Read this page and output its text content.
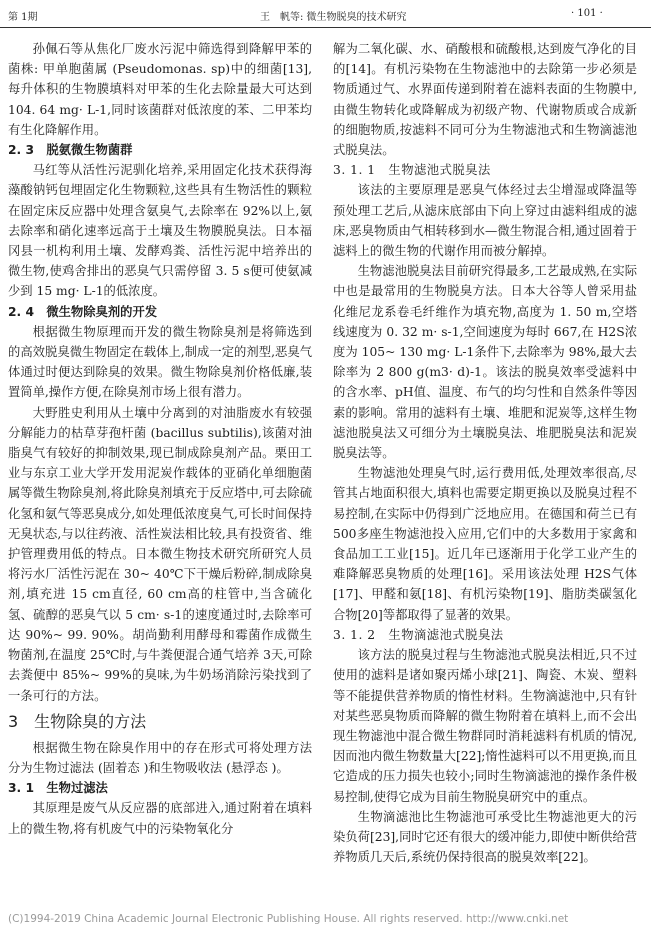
第 1期	王　帆等: 微生物脱臭的技术研究	· 101 ·

孙佩石等从焦化厂废水污泥中筛选得到降解甲苯的菌株: 甲单胞菌属 (Pseudomonas. sp)中的细菌[13],每升体积的生物膜填料对甲苯的生化去除量最大可达到 104. 64 mg· L-1,同时该菌群对低浓度的苯、二甲苯均有生化降解作用。

2. 3　脱氨微生物菌群

马红等从活性污泥驯化培养,采用固定化技术获得海藻酸钠钙包埋固定化生物颗粒,这些具有生物活性的颗粒在固定床反应器中处理含氨臭气,去除率在 92%以上,氨去除率和硝化速率远高于土壤及生物膜脱臭法。日本福冈县一机构利用土壤、发酵鸡粪、活性污泥中培养出的微生物,使鸡舍排出的恶臭气只需停留 3. 5 s便可使氨减少到 15 mg· L-1的低浓度。

2. 4　微生物除臭剂的开发

根据微生物原理而开发的微生物除臭剂是将筛选到的高效脱臭微生物固定在载体上,制成一定的剂型,恶臭气体通过时便达到除臭的效果。微生物除臭剂价格低廉,装置简单,操作方便,在除臭剂市场上很有潜力。

大野胜史利用从土壤中分离到的对油脂废水有较强分解能力的枯草芽孢杆菌 (bacillus subtilis),该菌对油脂臭气有较好的抑制效果,现已制成除臭剂产品。栗田工业与东京工业大学开发用泥炭作载体的亚硝化单细胞菌属等微生物除臭剂,将此除臭剂填充于反应塔中,可去除硫化氢和氨气等恶臭成分,如处理低浓度臭气,可长时间保持无臭状态,与以往药液、活性炭法相比较,具有投资省、维护管理费用低的特点。日本微生物技术研究所研究人员将污水厂活性污泥在 30~ 40℃下干燥后粉碎,制成除臭剂,填充进 15 cm直径, 60 cm高的柱管中,当含硫化氢、硫醇的恶臭气以 5 cm· s-1的速度通过时,去除率可达 90%~ 99. 90%。胡尚勤利用酵母和霉菌作成微生物菌剂,在温度 25℃时,与牛粪便混合通气培养 3天,可除去粪便中 85%~ 99%的臭味,为牛奶场消除污染找到了一条可行的方法。

3　生物除臭的方法

根据微生物在除臭作用中的存在形式可将处理方法分为生物过滤法 (固着态 )和生物吸收法 (悬浮态 )。

3. 1　生物过滤法

其原理是废气从反应器的底部进入,通过附着在填料上的微生物,将有机废气中的污染物氧化分

解为二氧化碳、水、硝酸根和硫酸根,达到废气净化的目的[14]。有机污染物在生物滤池中的去除第一步必须是物质通过气、水界面传递到附着在滤料表面的生物膜中,由微生物转化或降解成为初级产物、代谢物质或合成新的细胞物质,按滤料不同可分为生物滤池式和生物滴滤池式脱臭法。

3. 1. 1　生物滤池式脱臭法

该法的主要原理是恶臭气体经过去尘增湿或降温等预处理工艺后,从滤床底部由下向上穿过由滤料组成的滤床,恶臭物质由气相转移到水—微生物混合相,通过固着于滤料上的微生物的代谢作用而被分解掉。

生物滤池脱臭法目前研究得最多,工艺最成熟,在实际中也是最常用的生物脱臭方法。日本大谷等人曾采用盐化维尼龙系卷毛纤维作为填充物,高度为 1. 50 m,空塔线速度为 0. 32 m· s-1,空间速度为每时 667,在 H2S浓度为 105~ 130 mg· L-1条件下,去除率为 98%,最大去除率为 2 800 g(m3· d)-1。该法的脱臭效率受滤料中的含水率、pH值、温度、布气的均匀性和自然条件等因素的影响。常用的滤料有土壤、堆肥和泥炭等,这样生物滤池脱臭法又可细分为土壤脱臭法、堆肥脱臭法和泥炭脱臭法等。

生物滤池处理臭气时,运行费用低,处理效率很高,尽管其占地面积很大,填料也需要定期更换以及脱臭过程不易控制,在实际中仍得到广泛地应用。在德国和荷兰已有 500多座生物滤池投入应用,它们中的大多数用于家禽和食品加工工业[15]。近几年已逐渐用于化学工业产生的难降解恶臭物质的处理[16]。采用该法处理 H2S气体[17]、甲醛和氨[18]、有机污染物[19]、脂肪类碳氢化合物[20]等都取得了显著的效果。

3. 1. 2　生物滴滤池式脱臭法

该方法的脱臭过程与生物滤池式脱臭法相近,只不过使用的滤料是诸如聚丙烯小球[21]、陶瓷、木炭、塑料等不能提供营养物质的惰性材料。生物滴滤池中,只有针对某些恶臭物质而降解的微生物附着在填料上,而不会出现生物滤池中混合微生物群同时消耗滤料有机质的情况,因而池内微生物数量大[22];惰性滤料可以不用更换,而且它造成的压力损失也较小;同时生物滴滤池的操作条件极易控制,使得它成为目前生物脱臭研究中的重点。

生物滴滤池比生物滤池可承受比生物滤池更大的污染负荷[23],同时它还有很大的缓冲能力,即使中断供给营养物质几天后,系统仍保持很高的脱臭效率[22]。

(C)1994-2019 China Academic Journal Electronic Publishing House. All rights reserved. http://www.cnki.net
